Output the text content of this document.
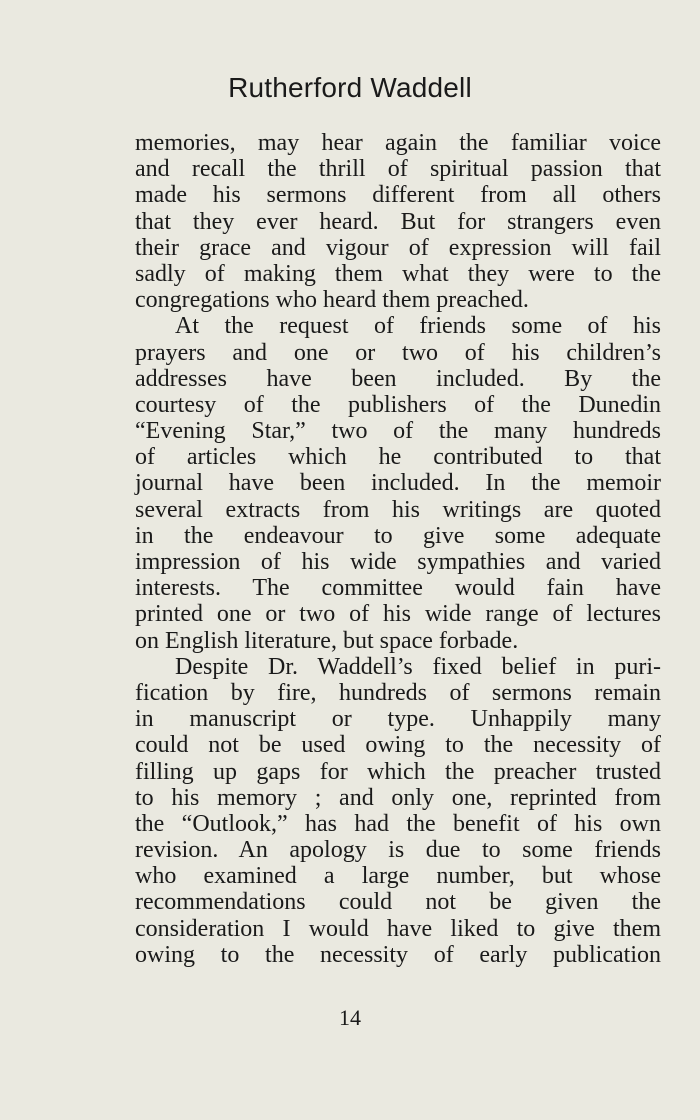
Rutherford Waddell
memories, may hear again the familiar voice
and recall the thrill of spiritual passion that
made his sermons different from all others
that they ever heard. But for strangers even
their grace and vigour of expression will fail
sadly of making them what they were to the
congregations who heard them preached.
At the request of friends some of his
prayers and one or two of his children’s
addresses have been included. By the
courtesy of the publishers of the Dunedin
“Evening Star,” two of the many hundreds
of articles which he contributed to that
journal have been included. In the memoir
several extracts from his writings are quoted
in the endeavour to give some adequate
impression of his wide sympathies and varied
interests. The committee would fain have
printed one or two of his wide range of lectures
on English literature, but space forbade.
Despite Dr. Waddell’s fixed belief in puri-
fication by fire, hundreds of sermons remain
in manuscript or type. Unhappily many
could not be used owing to the necessity of
filling up gaps for which the preacher trusted
to his memory ; and only one, reprinted from
the “Outlook,” has had the benefit of his own
revision. An apology is due to some friends
who examined a large number, but whose
recommendations could not be given the
consideration I would have liked to give them
owing to the necessity of early publication
14
